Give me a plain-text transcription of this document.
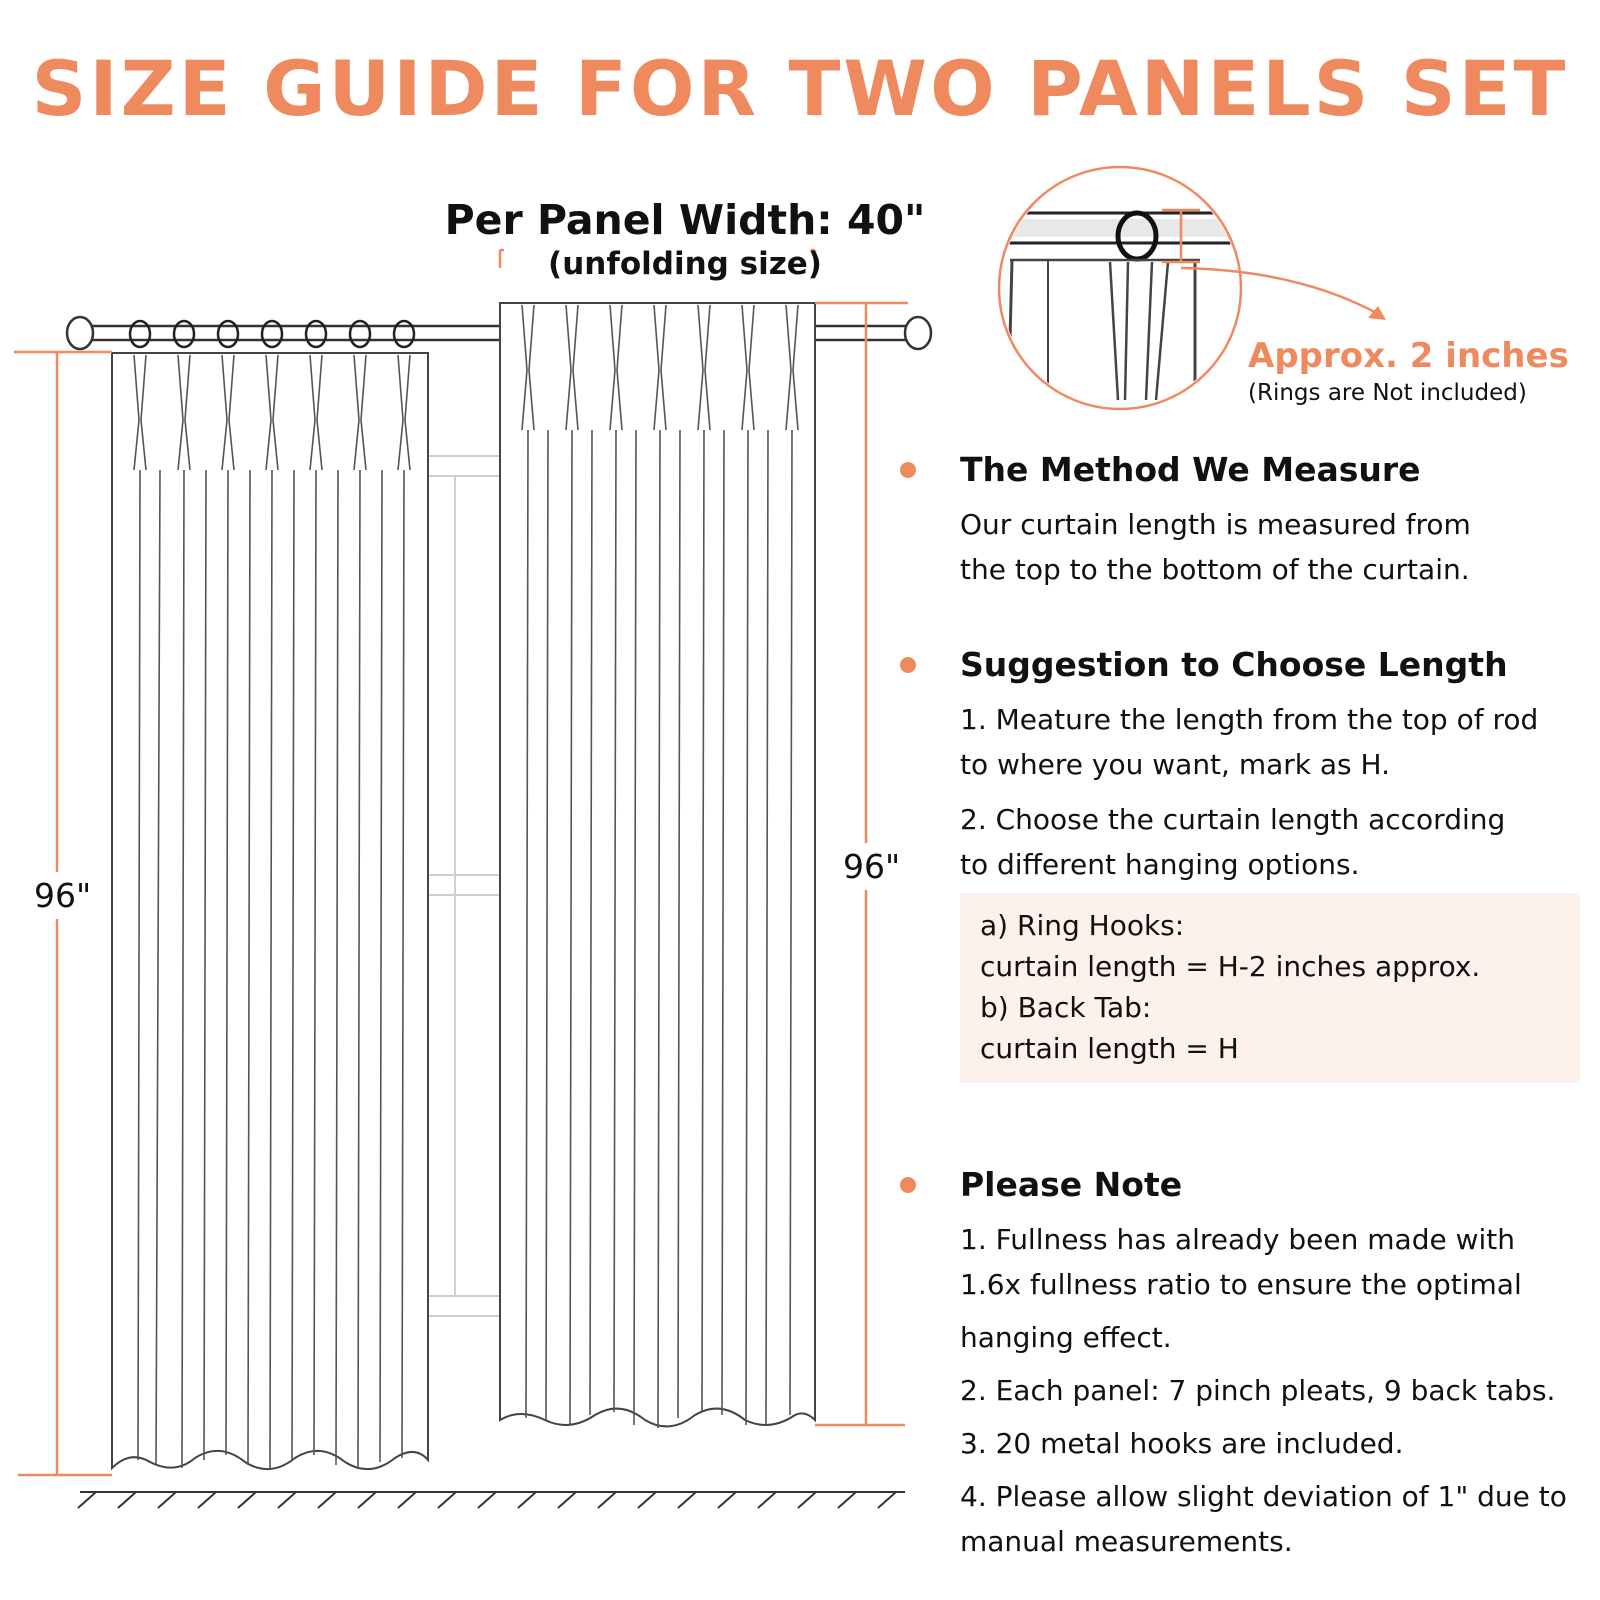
SIZE GUIDE FOR TWO PANELS SET
Per Panel Width: 40"
(unfolding size)
96"
96"
Approx. 2 inches
(Rings are Not included)
The Method We Measure

Our curtain length is measured from

the top to the bottom of the curtain.

Suggestion to Choose Length

1. Meature the length from the top of rod

to where you want, mark as H.

2. Choose the curtain length according

to different hanging options.

a) Ring Hooks:

curtain length = H-2 inches approx.

b) Back Tab:

curtain length = H

Please Note

1. Fullness has already been made with

1.6x fullness ratio to ensure the optimal

hanging effect.

2. Each panel: 7 pinch pleats, 9 back tabs.

3. 20 metal hooks are included.

4. Please allow slight deviation of 1" due to

manual measurements.
